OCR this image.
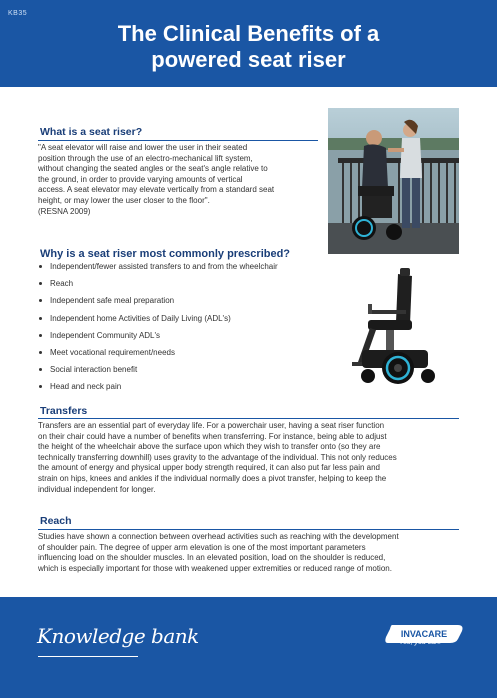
KB35
The Clinical Benefits of a
powered seat riser
What is a seat riser?
"A seat elevator will raise and lower the user in their seated
position through the use of an electro-mechanical lift system,
without changing the seated angles or the seat's angle relative to
the ground, in order to provide varying amounts of vertical
access. A seat elevator may elevate vertically from a standard seat
height, or may lower the user closer to the floor".
(RESNA 2009)
Why is a seat riser most commonly prescribed?
Independent/fewer assisted transfers to and from the wheelchair
Reach
Independent safe meal preparation
Independent home Activities of Daily Living (ADL's)
Independent Community ADL's
Meet vocational requirement/needs
Social interaction benefit
Head and neck pain
Transfers
Transfers are an essential part of everyday life. For a powerchair user, having a seat riser function
on their chair could have a number of benefits when transferring. For instance, being able to adjust
the height of the wheelchair above the surface upon which they wish to transfer onto (so they are
technically transferring downhill) uses gravity to the advantage of the individual. This not only reduces
the amount of energy and physical upper body strength required, it can also put far less pain and
strain on hips, knees and ankles if the individual normally does a pivot transfer, helping to keep the
individual independent for longer.
Reach
Studies have shown a connection between overhead activities such as reaching with the development
of shoulder pain. The degree of upper arm elevation is one of the most important parameters
influencing load on the shoulder muscles. In an elevated position, load on the shoulder is reduced,
which is especially important for those with weakened upper extremities or reduced range of motion.
Knowledge bank	INVACARE
Yes, you can.
